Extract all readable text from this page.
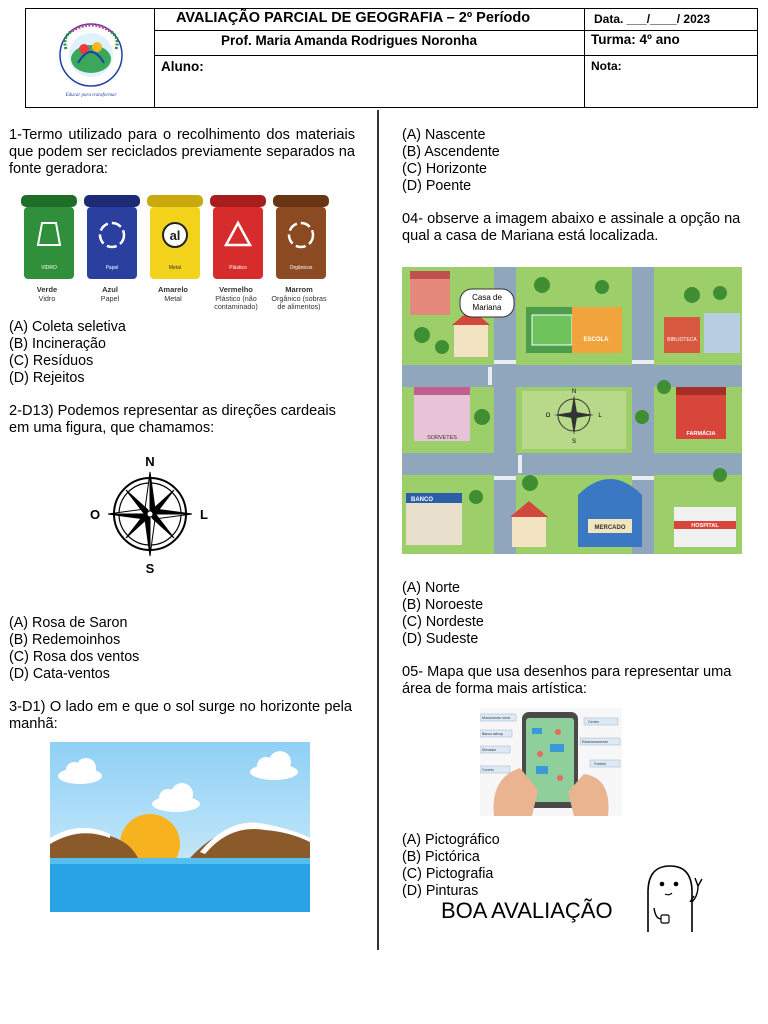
Educar para transformar
AVALIAÇÃO PARCIAL DE GEOGRAFIA – 2º Período
Prof. Maria Amanda Rodrigues Noronha
Aluno:
Data. ___/____/ 2023
Turma: 4º ano
Nota:
1-Termo utilizado para o recolhimento dos materiais que podem ser reciclados previamente separados na fonte geradora:
VIDRO	Papel
al
Metal	Plástico	Orgânicos
Verde
Vidro
Azul
Papel
Amarelo
Metal
Vermelho
Plástico (não contaminado)
Marrom
Orgânico (sobras de alimentos)
(A) Coleta seletiva
(B) Incineração
(C) Resíduos
(D) Rejeitos
2-D13) Podemos representar as direções cardeais em uma figura, que chamamos:
N
S
O	L
(A) Rosa de Saron
(B) Redemoinhos
(C) Rosa dos ventos
(D) Cata-ventos
3-D1) O lado em e que o sol surge no horizonte pela manhã:
(A) Nascente
(B) Ascendente
(C) Horizonte
(D) Poente
04- observe a imagem abaixo e assinale a opção na qual a casa de Mariana está localizada.
N
S
O	L
Casa de
Mariana
ESCOLA	BIBLIOTECA
SORVETES
FARMÁCIA
BANCO
MERCADO	HOSPITAL
(A) Norte
(B) Noroeste
(C) Nordeste
(D) Sudeste
05- Mapa que usa desenhos para representar uma área de forma mais artística:
Monumento ruína
Banco advup
Elevador
Correio
Centro
Estacionamento
Futebol
(A) Pictográfico
(B) Pictórica
(C) Pictografia
(D) Pinturas
BOA AVALIAÇÃO
